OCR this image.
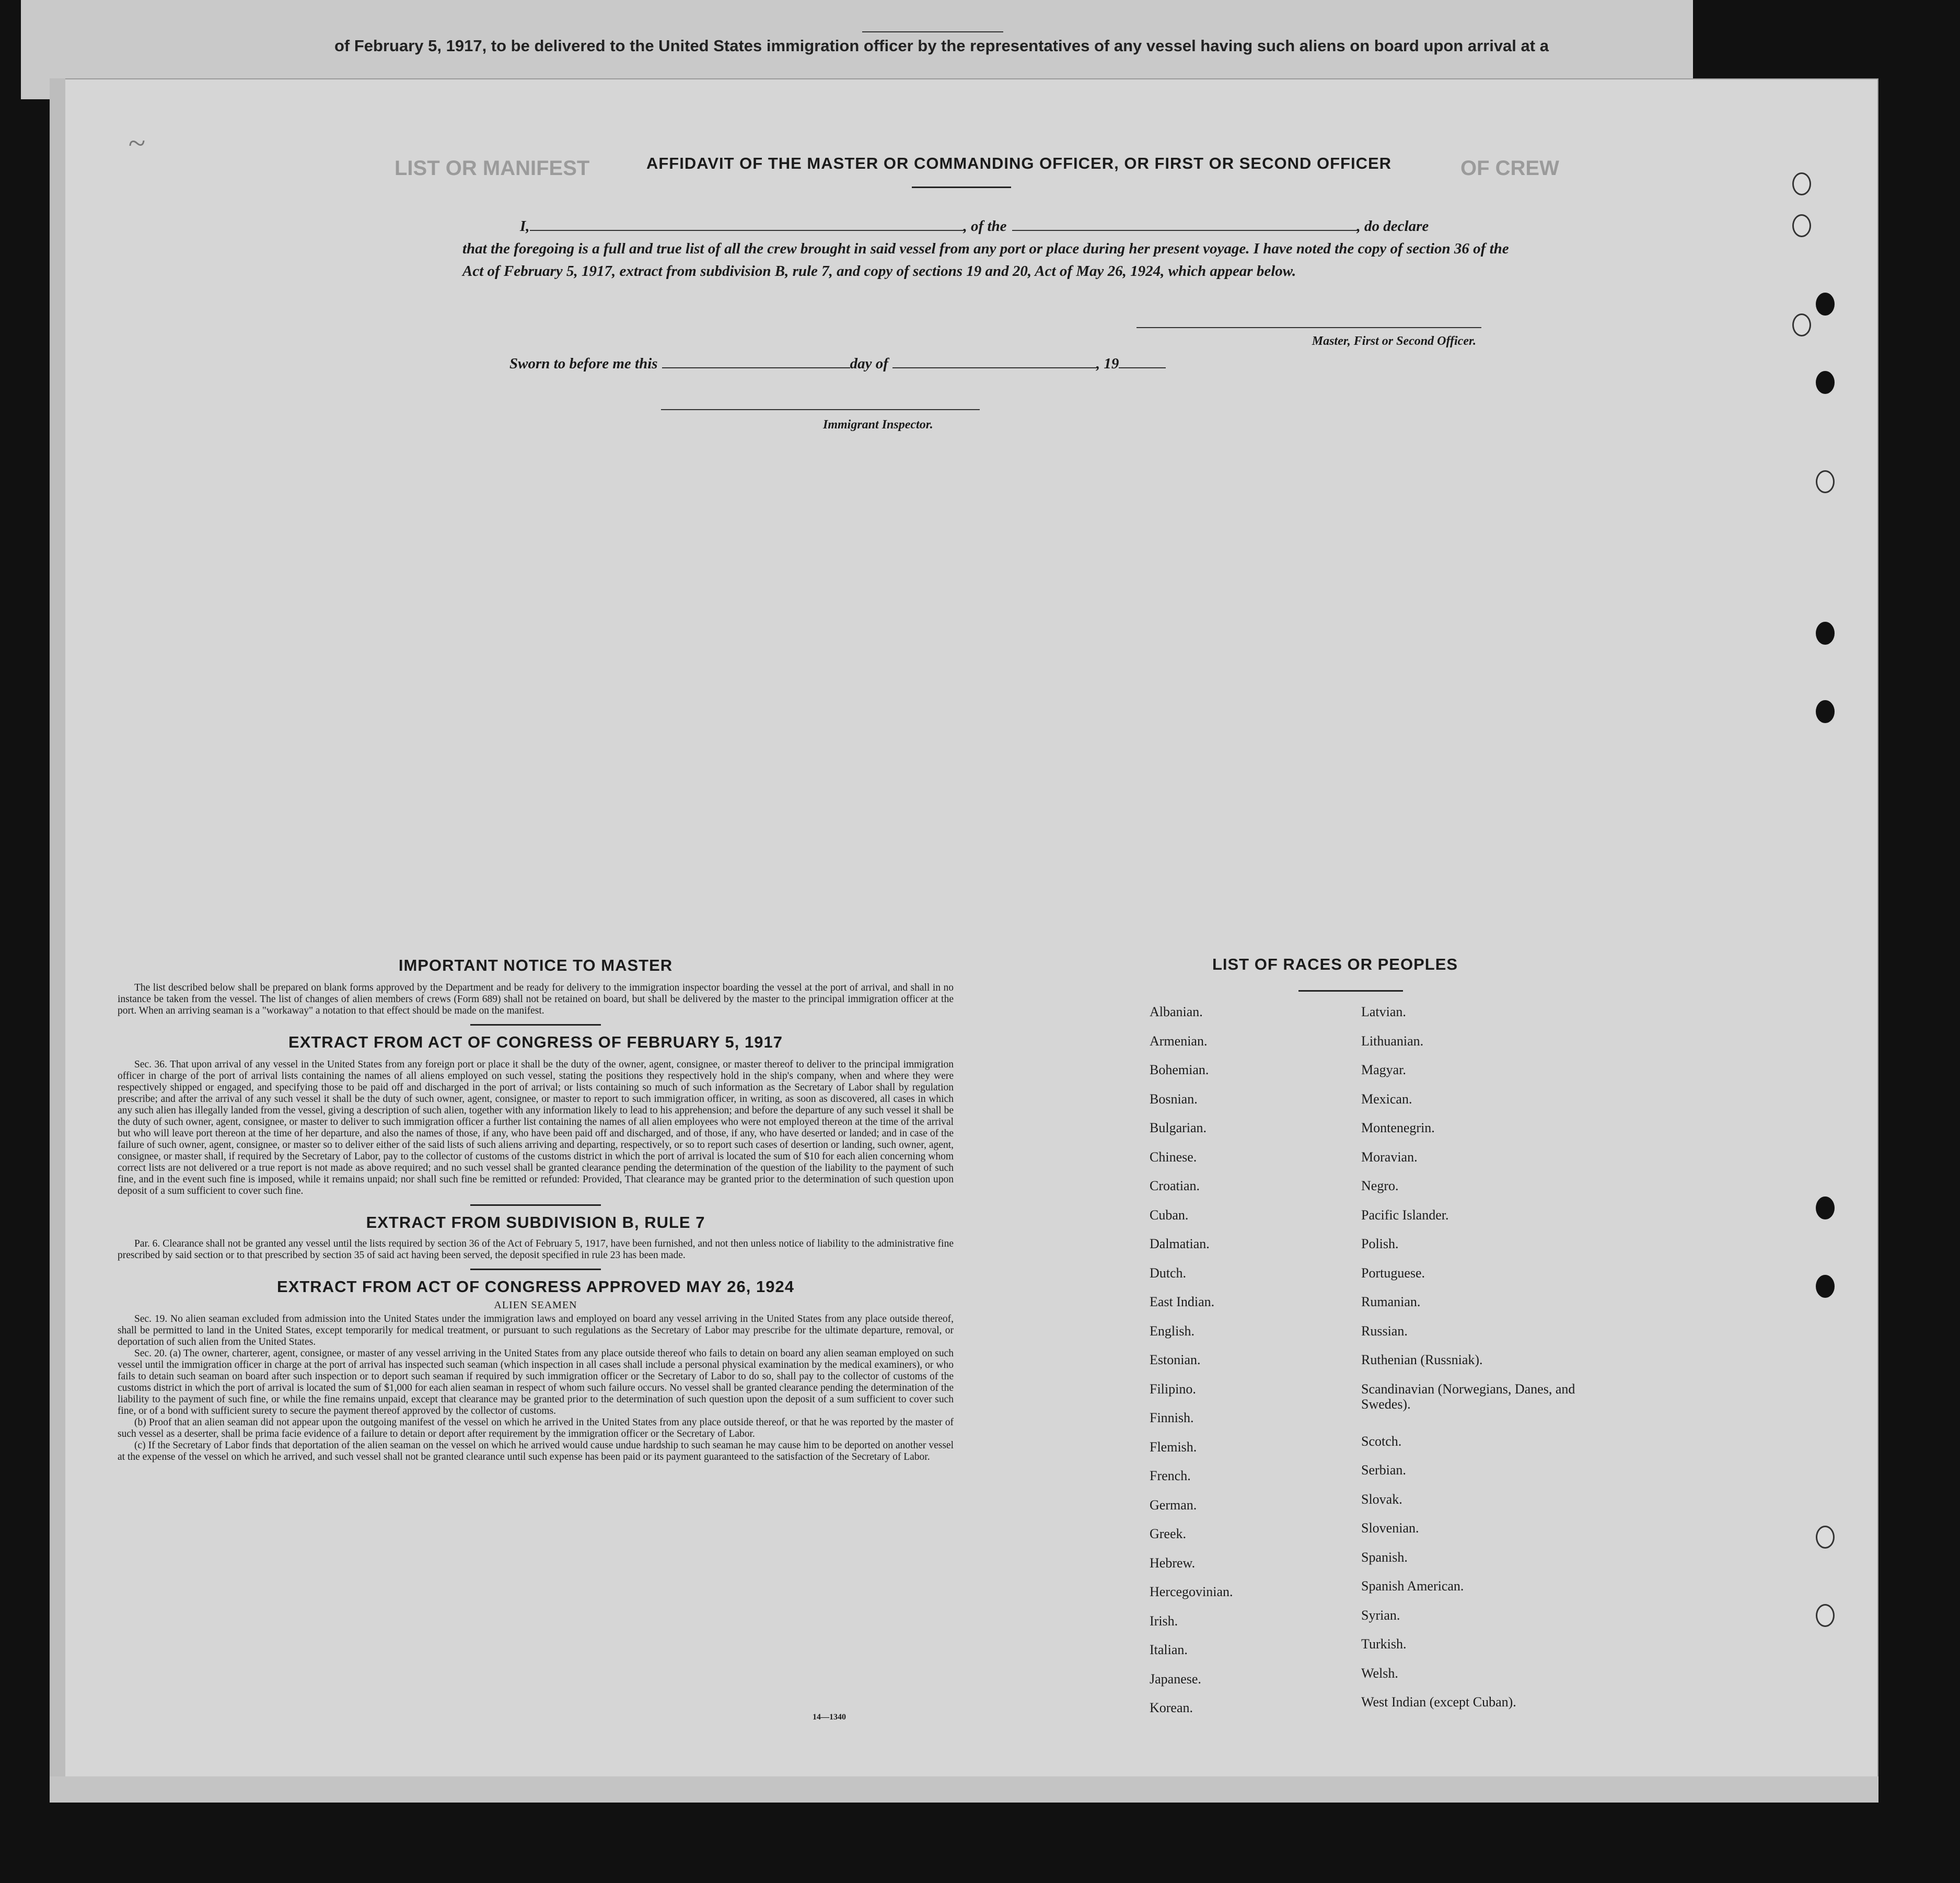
of February 5, 1917, to be delivered to the United States immigration officer by the representatives of any vessel having such aliens on board upon arrival at a
LIST OR MANIFEST	OF CREW
~
AFFIDAVIT OF THE MASTER OR COMMANDING OFFICER, OR FIRST OR SECOND OFFICER
I,	, of the	, do declare
that the foregoing is a full and true list of all the crew brought in said vessel from any port or place during her present voyage. I have noted the copy of section 36 of the Act of February 5, 1917, extract from subdivision B, rule 7, and copy of sections 19 and 20, Act of May 26, 1924, which appear below.
Master, First or Second Officer.
Sworn to before me this	day of	, 19
Immigrant Inspector.
IMPORTANT NOTICE TO MASTER

The list described below shall be prepared on blank forms approved by the Department and be ready for delivery to the immigration inspector boarding the vessel at the port of arrival, and shall in no instance be taken from the vessel. The list of changes of alien members of crews (Form 689) shall not be retained on board, but shall be delivered by the master to the principal immigration officer at the port. When an arriving seaman is a "workaway" a notation to that effect should be made on the manifest.

EXTRACT FROM ACT OF CONGRESS OF FEBRUARY 5, 1917

Sec. 36. That upon arrival of any vessel in the United States from any foreign port or place it shall be the duty of the owner, agent, consignee, or master thereof to deliver to the principal immigration officer in charge of the port of arrival lists containing the names of all aliens employed on such vessel, stating the positions they respectively hold in the ship's company, when and where they were respectively shipped or engaged, and specifying those to be paid off and discharged in the port of arrival; or lists containing so much of such information as the Secretary of Labor shall by regulation prescribe; and after the arrival of any such vessel it shall be the duty of such owner, agent, consignee, or master to report to such immigration officer, in writing, as soon as discovered, all cases in which any such alien has illegally landed from the vessel, giving a description of such alien, together with any information likely to lead to his apprehension; and before the departure of any such vessel it shall be the duty of such owner, agent, consignee, or master to deliver to such immigration officer a further list containing the names of all alien employees who were not employed thereon at the time of the arrival but who will leave port thereon at the time of her departure, and also the names of those, if any, who have been paid off and discharged, and of those, if any, who have deserted or landed; and in case of the failure of such owner, agent, consignee, or master so to deliver either of the said lists of such aliens arriving and departing, respectively, or so to report such cases of desertion or landing, such owner, agent, consignee, or master shall, if required by the Secretary of Labor, pay to the collector of customs of the customs district in which the port of arrival is located the sum of $10 for each alien concerning whom correct lists are not delivered or a true report is not made as above required; and no such vessel shall be granted clearance pending the determination of the question of the liability to the payment of such fine, and in the event such fine is imposed, while it remains unpaid; nor shall such fine be remitted or refunded: Provided, That clearance may be granted prior to the determination of such question upon deposit of a sum sufficient to cover such fine.

EXTRACT FROM SUBDIVISION B, RULE 7

Par. 6. Clearance shall not be granted any vessel until the lists required by section 36 of the Act of February 5, 1917, have been furnished, and not then unless notice of liability to the administrative fine prescribed by said section or to that prescribed by section 35 of said act having been served, the deposit specified in rule 23 has been made.

EXTRACT FROM ACT OF CONGRESS APPROVED MAY 26, 1924
ALIEN SEAMEN

Sec. 19. No alien seaman excluded from admission into the United States under the immigration laws and employed on board any vessel arriving in the United States from any place outside thereof, shall be permitted to land in the United States, except temporarily for medical treatment, or pursuant to such regulations as the Secretary of Labor may prescribe for the ultimate departure, removal, or deportation of such alien from the United States.

Sec. 20. (a) The owner, charterer, agent, consignee, or master of any vessel arriving in the United States from any place outside thereof who fails to detain on board any alien seaman employed on such vessel until the immigration officer in charge at the port of arrival has inspected such seaman (which inspection in all cases shall include a personal physical examination by the medical examiners), or who fails to detain such seaman on board after such inspection or to deport such seaman if required by such immigration officer or the Secretary of Labor to do so, shall pay to the collector of customs of the customs district in which the port of arrival is located the sum of $1,000 for each alien seaman in respect of whom such failure occurs. No vessel shall be granted clearance pending the determination of the liability to the payment of such fine, or while the fine remains unpaid, except that clearance may be granted prior to the determination of such question upon the deposit of a sum sufficient to cover such fine, or of a bond with sufficient surety to secure the payment thereof approved by the collector of customs.

(b) Proof that an alien seaman did not appear upon the outgoing manifest of the vessel on which he arrived in the United States from any place outside thereof, or that he was reported by the master of such vessel as a deserter, shall be prima facie evidence of a failure to detain or deport after requirement by the immigration officer or the Secretary of Labor.

(c) If the Secretary of Labor finds that deportation of the alien seaman on the vessel on which he arrived would cause undue hardship to such seaman he may cause him to be deported on another vessel at the expense of the vessel on which he arrived, and such vessel shall not be granted clearance until such expense has been paid or its payment guaranteed to the satisfaction of the Secretary of Labor.

14—1340
LIST OF RACES OR PEOPLES
Albanian.
Armenian.
Bohemian.
Bosnian.
Bulgarian.
Chinese.
Croatian.
Cuban.
Dalmatian.
Dutch.
East Indian.
English.
Estonian.
Filipino.
Finnish.
Flemish.
French.
German.
Greek.
Hebrew.
Hercegovinian.
Irish.
Italian.
Japanese.
Korean.
Latvian.
Lithuanian.
Magyar.
Mexican.
Montenegrin.
Moravian.
Negro.
Pacific Islander.
Polish.
Portuguese.
Rumanian.
Russian.
Ruthenian (Russniak).
Scandinavian (Norwegians, Danes, and Swedes).
Scotch.
Serbian.
Slovak.
Slovenian.
Spanish.
Spanish American.
Syrian.
Turkish.
Welsh.
West Indian (except Cuban).
